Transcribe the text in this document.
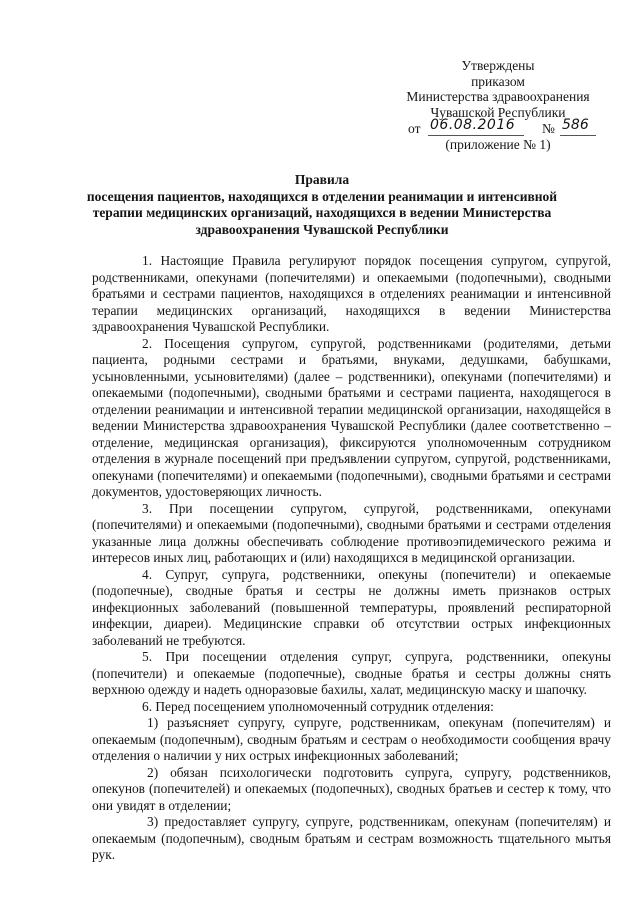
Утверждены
приказом
Министерства здравоохранения
Чувашской Республики
от 06.08.2016 № 586
(приложение № 1)
Правила
посещения пациентов, находящихся в отделении реанимации и интенсивной терапии медицинских организаций, находящихся в ведении Министерства здравоохранения Чувашской Республики

1. Настоящие Правила регулируют порядок посещения супругом, супругой, родственниками, опекунами (попечителями) и опекаемыми (подопечными), сводными братьями и сестрами пациентов, находящихся в отделениях реанимации и интенсивной терапии медицинских организаций, находящихся в ведении Министерства здравоохранения Чувашской Республики.

2. Посещения супругом, супругой, родственниками (родителями, детьми пациента, родными сестрами и братьями, внуками, дедушками, бабушками, усыновленными, усыновителями) (далее – родственники), опекунами (попечителями) и опекаемыми (подопечными), сводными братьями и сестрами пациента, находящегося в отделении реанимации и интенсивной терапии медицинской организации, находящейся в ведении Министерства здравоохранения Чувашской Республики (далее соответственно – отделение, медицинская организация), фиксируются уполномоченным сотрудником отделения в журнале посещений при предъявлении супругом, супругой, родственниками, опекунами (попечителями) и опекаемыми (подопечными), сводными братьями и сестрами документов, удостоверяющих личность.

3. При посещении супругом, супругой, родственниками, опекунами (попечителями) и опекаемыми (подопечными), сводными братьями и сестрами отделения указанные лица должны обеспечивать соблюдение противоэпидемического режима и интересов иных лиц, работающих и (или) находящихся в медицинской организации.

4. Супруг, супруга, родственники, опекуны (попечители) и опекаемые (подопечные), сводные братья и сестры не должны иметь признаков острых инфекционных заболеваний (повышенной температуры, проявлений респираторной инфекции, диареи). Медицинские справки об отсутствии острых инфекционных заболеваний не требуются.

5. При посещении отделения супруг, супруга, родственники, опекуны (попечители) и опекаемые (подопечные), сводные братья и сестры должны снять верхнюю одежду и надеть одноразовые бахилы, халат, медицинскую маску и шапочку.

6. Перед посещением уполномоченный сотрудник отделения:

1) разъясняет супругу, супруге, родственникам, опекунам (попечителям) и опекаемым (подопечным), сводным братьям и сестрам о необходимости сообщения врачу отделения о наличии у них острых инфекционных заболеваний;

2) обязан психологически подготовить супруга, супругу, родственников, опекунов (попечителей) и опекаемых (подопечных), сводных братьев и сестер к тому, что они увидят в отделении;

3) предоставляет супругу, супруге, родственникам, опекунам (попечителям) и опекаемым (подопечным), сводным братьям и сестрам возможность тщательного мытья рук.
